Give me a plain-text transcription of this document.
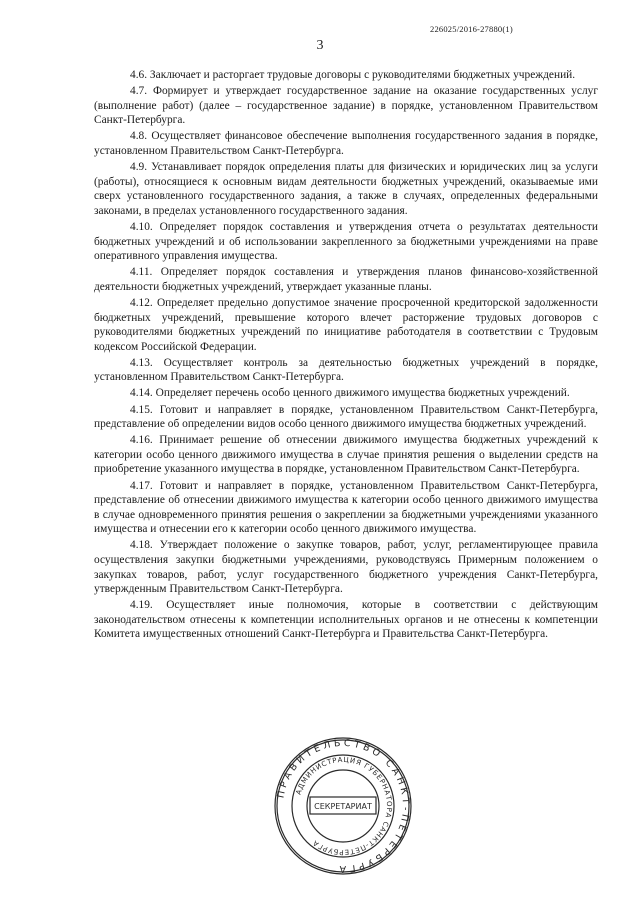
226025/2016-27880(1)
3

4.6. Заключает и расторгает трудовые договоры с руководителями бюджетных учреждений.

4.7. Формирует и утверждает государственное задание на оказание государственных услуг (выполнение работ) (далее – государственное задание) в порядке, установленном Правительством Санкт-Петербурга.

4.8. Осуществляет финансовое обеспечение выполнения государственного задания в порядке, установленном Правительством Санкт-Петербурга.

4.9. Устанавливает порядок определения платы для физических и юридических лиц за услуги (работы), относящиеся к основным видам деятельности бюджетных учреждений, оказываемые ими сверх установленного государственного задания, а также в случаях, определенных федеральными законами, в пределах установленного государственного задания.

4.10. Определяет порядок составления и утверждения отчета о результатах деятельности бюджетных учреждений и об использовании закрепленного за бюджетными учреждениями на праве оперативного управления имущества.

4.11. Определяет порядок составления и утверждения планов финансово-хозяйственной деятельности бюджетных учреждений, утверждает указанные планы.

4.12. Определяет предельно допустимое значение просроченной кредиторской задолженности бюджетных учреждений, превышение которого влечет расторжение трудовых договоров с руководителями бюджетных учреждений по инициативе работодателя в соответствии с Трудовым кодексом Российской Федерации.

4.13. Осуществляет контроль за деятельностью бюджетных учреждений в порядке, установленном Правительством Санкт-Петербурга.

4.14. Определяет перечень особо ценного движимого имущества бюджетных учреждений.

4.15. Готовит и направляет в порядке, установленном Правительством Санкт-Петербурга, представление об определении видов особо ценного движимого имущества бюджетных учреждений.

4.16. Принимает решение об отнесении движимого имущества бюджетных учреждений к категории особо ценного движимого имущества в случае принятия решения о выделении средств на приобретение указанного имущества в порядке, установленном Правительством Санкт-Петербурга.

4.17. Готовит и направляет в порядке, установленном Правительством Санкт-Петербурга, представление об отнесении движимого имущества к категории особо ценного движимого имущества в случае одновременного принятия решения о закреплении за бюджетными учреждениями указанного имущества и отнесении его к категории особо ценного движимого имущества.

4.18. Утверждает положение о закупке товаров, работ, услуг, регламентирующее правила осуществления закупки бюджетными учреждениями, руководствуясь Примерным положением о закупках товаров, работ, услуг государственного бюджетного учреждения Санкт-Петербурга, утвержденным Правительством Санкт-Петербурга.

4.19. Осуществляет иные полномочия, которые в соответствии с действующим законодательством отнесены к компетенции исполнительных органов и не отнесены к компетенции Комитета имущественных отношений Санкт-Петербурга и Правительства Санкт-Петербурга.

ПРАВИТЕЛЬСТВО САНКТ-ПЕТЕРБУРГА
АДМИНИСТРАЦИЯ ГУБЕРНАТОРА САНКТ-ПЕТЕРБУРГА
СЕКРЕТАРИАТ
